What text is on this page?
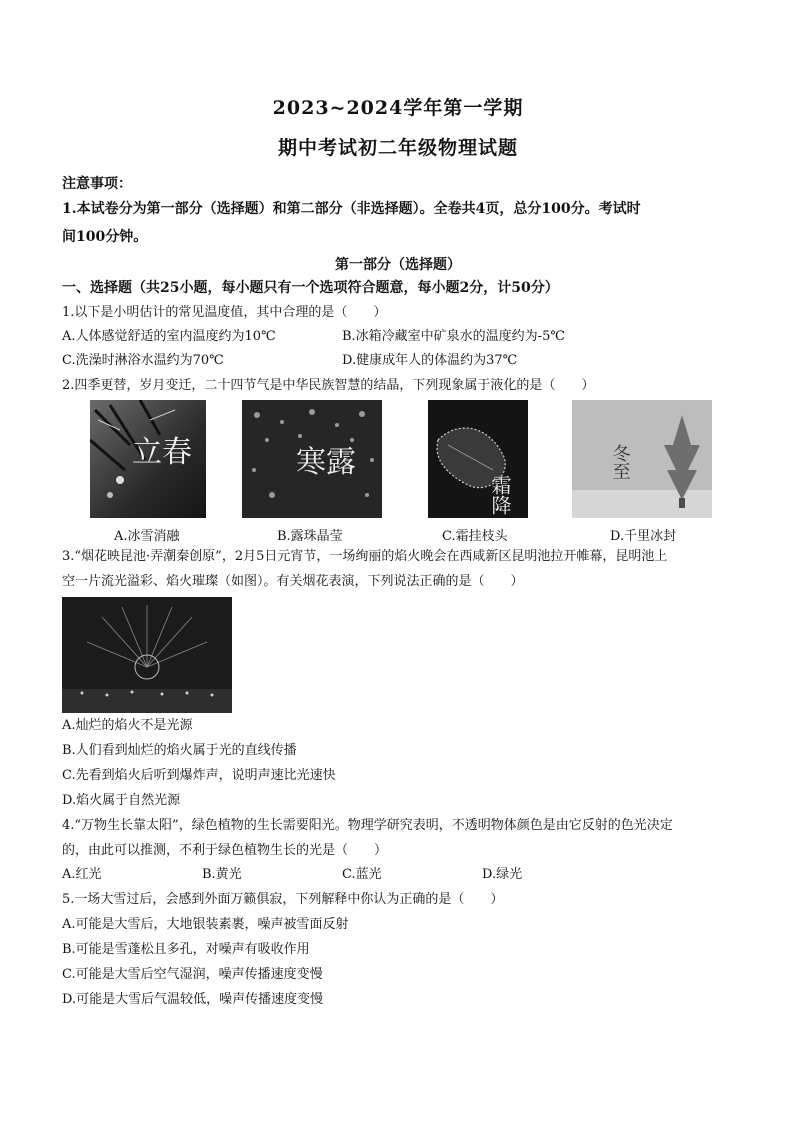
2023~2024学年第一学期
期中考试初二年级物理试题
注意事项：
1.本试卷分为第一部分（选择题）和第二部分（非选择题）。全卷共4页，总分100分。考试时
间100分钟。
第一部分（选择题）
一、选择题（共25小题，每小题只有一个选项符合题意，每小题2分，计50分）
1.以下是小明估计的常见温度值，其中合理的是（　　）
A.人体感觉舒适的室内温度约为10℃	B.冰箱冷藏室中矿泉水的温度约为-5℃
C.洗澡时淋浴水温约为70℃	D.健康成年人的体温约为37℃
2.四季更替，岁月变迁，二十四节气是中华民族智慧的结晶，下列现象属于液化的是（　　）
立春
A.冰雪消融
寒露
B.露珠晶莹
霜降
C.霜挂枝头
冬至
D.千里冰封
3.“烟花映昆池·弄潮秦创原”，2月5日元宵节，一场绚丽的焰火晚会在西咸新区昆明池拉开帷幕，昆明池上
空一片流光溢彩、焰火璀璨（如图）。有关烟花表演，下列说法正确的是（　　）
A.灿烂的焰火不是光源
B.人们看到灿烂的焰火属于光的直线传播
C.先看到焰火后听到爆炸声，说明声速比光速快
D.焰火属于自然光源
4.“万物生长靠太阳”，绿色植物的生长需要阳光。物理学研究表明，不透明物体颜色是由它反射的色光决定
的，由此可以推测，不利于绿色植物生长的光是（　　）
A.红光	B.黄光	C.蓝光	D.绿光
5.一场大雪过后，会感到外面万籁俱寂，下列解释中你认为正确的是（　　）
A.可能是大雪后，大地银装素裹，噪声被雪面反射
B.可能是雪蓬松且多孔，对噪声有吸收作用
C.可能是大雪后空气湿润，噪声传播速度变慢
D.可能是大雪后气温较低，噪声传播速度变慢
